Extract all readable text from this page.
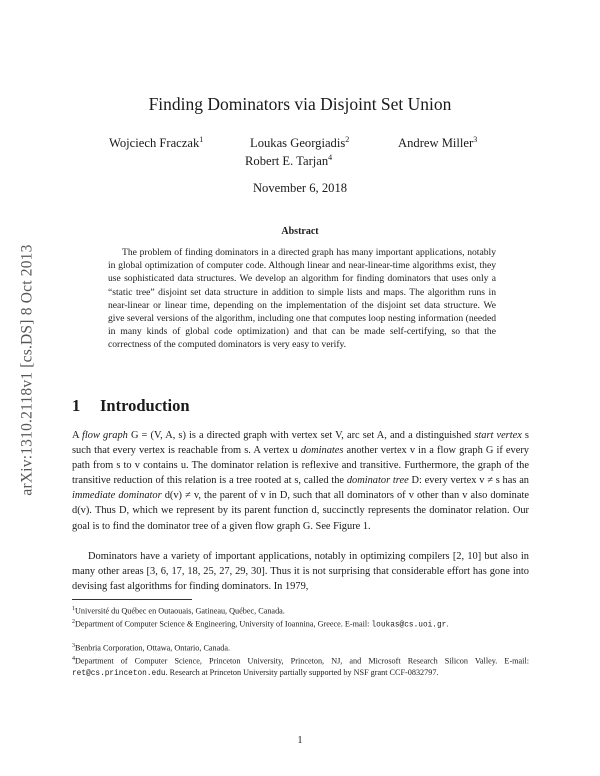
arXiv:1310.2118v1 [cs.DS] 8 Oct 2013
Finding Dominators via Disjoint Set Union
Wojciech Fraczak$^1$	Loukas Georgiadis$^2$	Andrew Miller$^3$
Robert E. Tarjan$^4$
November 6, 2018
Abstract
The problem of finding dominators in a directed graph has many important applications, notably in global optimization of computer code. Although linear and near-linear-time algorithms exist, they use sophisticated data structures. We develop an algorithm for finding dominators that uses only a “static tree” disjoint set data structure in addition to simple lists and maps. The algorithm runs in near-linear or linear time, depending on the implementation of the disjoint set data structure. We give several versions of the algorithm, including one that computes loop nesting information (needed in many kinds of global code optimization) and that can be made self-certifying, so that the correctness of the computed dominators is very easy to verify.
1 Introduction
A flow graph G = (V, A, s) is a directed graph with vertex set V, arc set A, and a distinguished start vertex s such that every vertex is reachable from s. A vertex u dominates another vertex v in a flow graph G if every path from s to v contains u. The dominator relation is reflexive and transitive. Furthermore, the graph of the transitive reduction of this relation is a tree rooted at s, called the dominator tree D: every vertex v ≠ s has an immediate dominator d(v) ≠ v, the parent of v in D, such that all dominators of v other than v also dominate d(v). Thus D, which we represent by its parent function d, succinctly represents the dominator relation. Our goal is to find the dominator tree of a given flow graph G. See Figure 1.
Dominators have a variety of important applications, notably in optimizing compilers [2, 10] but also in many other areas [3, 6, 17, 18, 25, 27, 29, 30]. Thus it is not surprising that considerable effort has gone into devising fast algorithms for finding dominators. In 1979,
$^1$Université du Québec en Outaouais, Gatineau, Québec, Canada.
$^2$Department of Computer Science & Engineering, University of Ioannina, Greece. E-mail: loukas@cs.uoi.gr.
$^3$Benbria Corporation, Ottawa, Ontario, Canada.
$^4$Department of Computer Science, Princeton University, Princeton, NJ, and Microsoft Research Silicon Valley. E-mail: ret@cs.princeton.edu. Research at Princeton University partially supported by NSF grant CCF-0832797.
1
